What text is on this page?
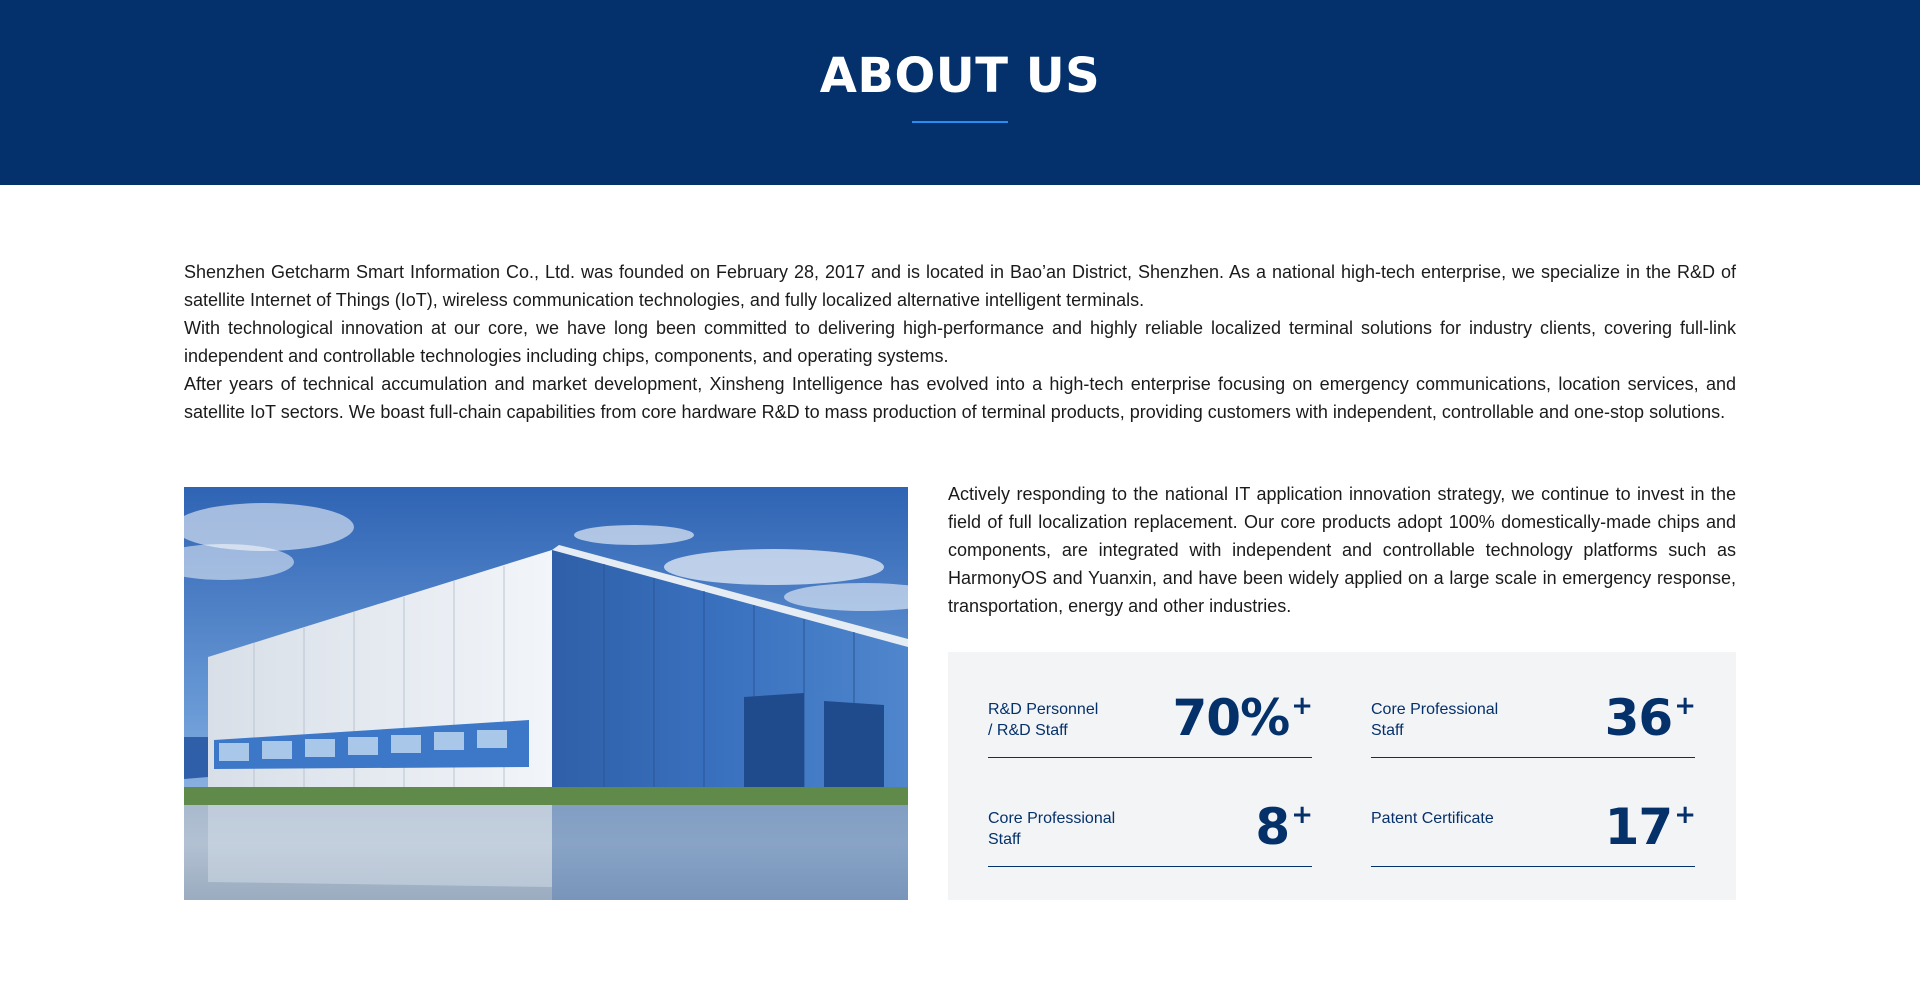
ABOUT US

Shenzhen Getcharm Smart Information Co., Ltd. was founded on February 28, 2017 and is located in Bao’an District, Shenzhen. As a national high-tech enterprise, we specialize in the R&D of satellite Internet of Things (IoT), wireless communication technologies, and fully localized alternative intelligent terminals.

With technological innovation at our core, we have long been committed to delivering high-performance and highly reliable localized terminal solutions for industry clients, covering full-link independent and controllable technologies including chips, components, and operating systems.

After years of technical accumulation and market development, Xinsheng Intelligence has evolved into a high-tech enterprise focusing on emergency communications, location services, and satellite IoT sectors. We boast full-chain capabilities from core hardware R&D to mass production of terminal products, providing customers with independent, controllable and one-stop solutions.

Actively responding to the national IT application innovation strategy, we continue to invest in the field of full localization replacement. Our core products adopt 100% domestically-made chips and components, are integrated with independent and controllable technology platforms such as HarmonyOS and Yuanxin, and have been widely applied on a large scale in emergency response, transportation, energy and other industries.
R&D Personnel
/ R&D Staff	70%+	Core Professional
Staff	36+
Core Professional
Staff	8+	Patent Certificate	17+
